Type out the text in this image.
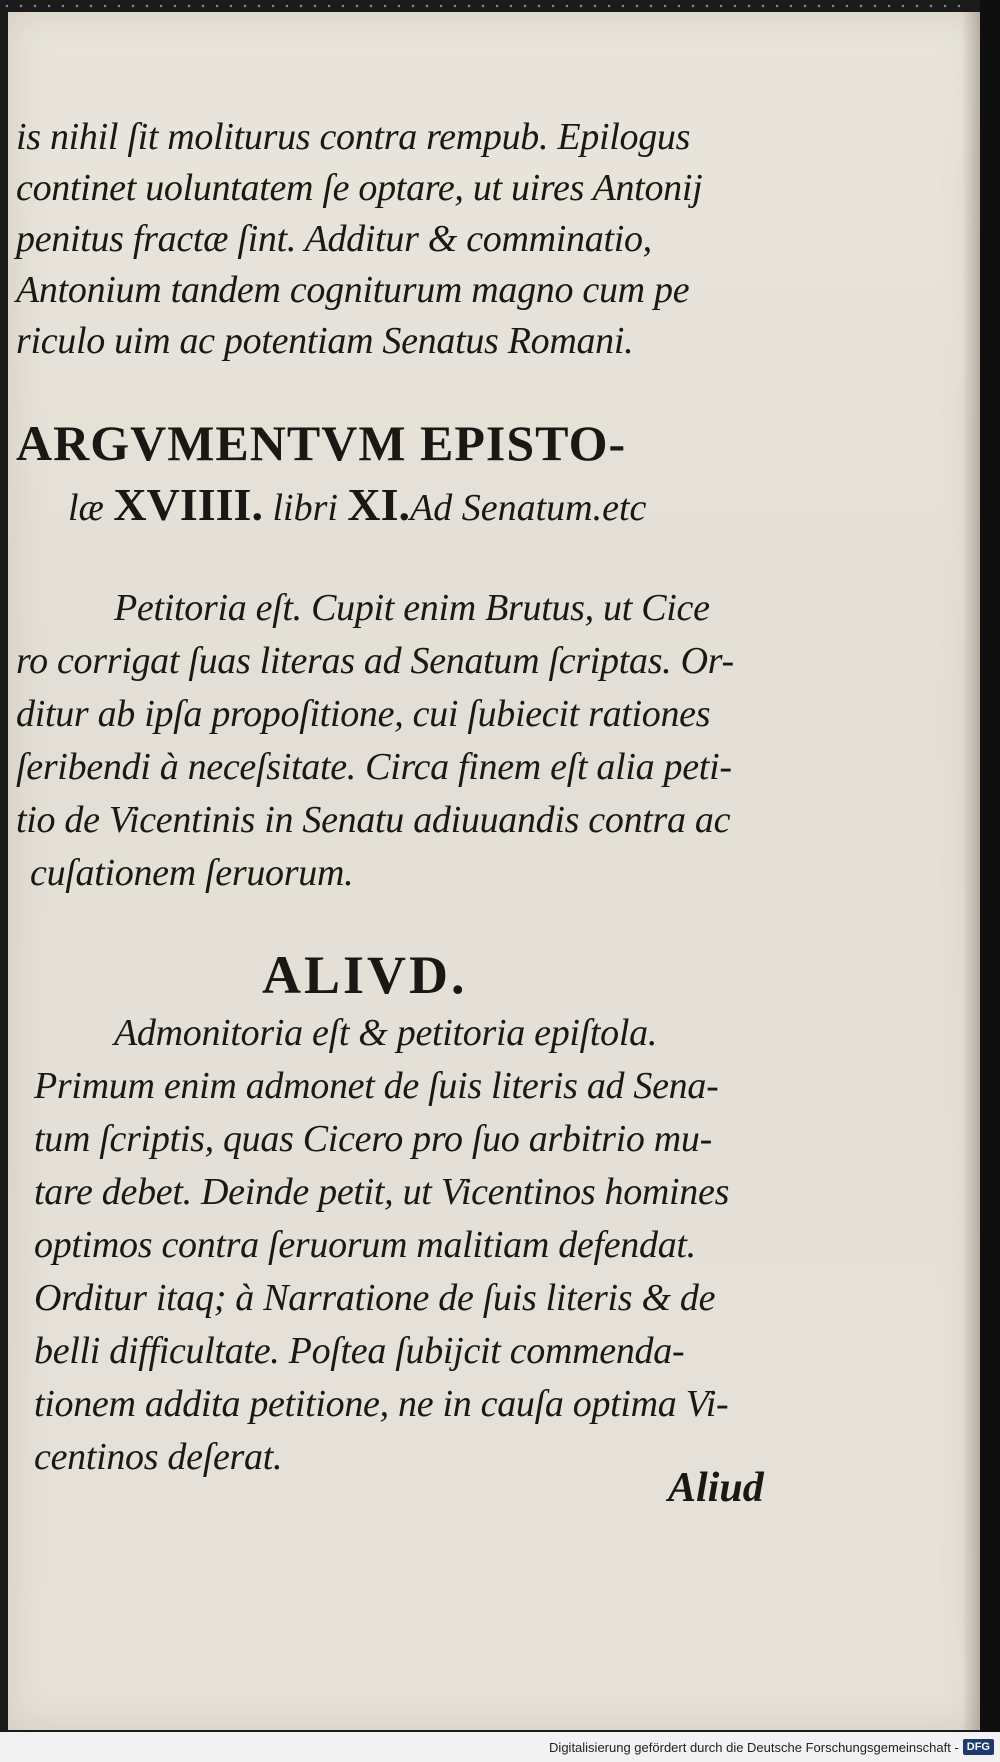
is nihil ſit moliturus contra rempub. Epilogus
continet uoluntatem ſe optare, ut uires Antonij
penitus fractæ ſint. Additur & comminatio,
Antonium tandem cogniturum magno cum pe
riculo uim ac potentiam Senatus Romani.
ARGVMENTVM EPISTO-
læ XVIIII. libri XI.Ad Senatum.etc
Petitoria eſt. Cupit enim Brutus, ut Cice
ro corrigat ſuas literas ad Senatum ſcriptas. Or-
ditur ab ipſa propoſitione, cui ſubiecit rationes
ſeribendi à neceſsitate. Circa finem eſt alia peti-
tio de Vicentinis in Senatu adiuuandis contra ac
cuſationem ſeruorum.
ALIVD.
Admonitoria eſt & petitoria epiſtola.
Primum enim admonet de ſuis literis ad Sena-
tum ſcriptis, quas Cicero pro ſuo arbitrio mu-
tare debet. Deinde petit, ut Vicentinos homines
optimos contra ſeruorum malitiam defendat.
Orditur itaq; à Narratione de ſuis literis & de
belli difficultate. Poſtea ſubijcit commenda-
tionem addita petitione, ne in cauſa optima Vi-
centinos deſerat.
Aliud
Digitalisierung gefördert durch die Deutsche Forschungsgemeinschaft - DFG
